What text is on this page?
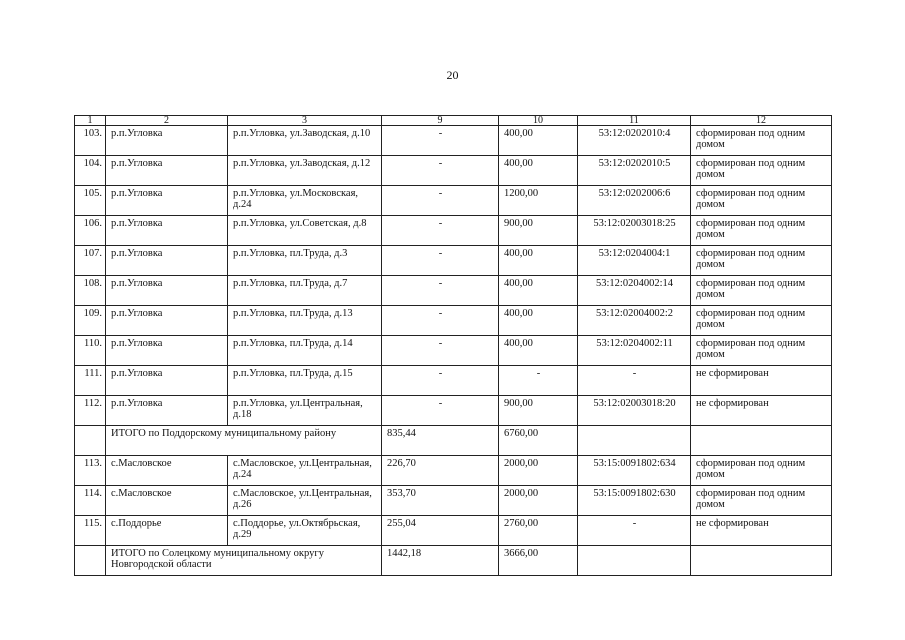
20
1	2	3	9	10	11	12
103.	р.п.Угловка	р.п.Угловка, ул.Заводская, д.10	-	400,00	53:12:0202010:4	сформирован под одним домом
104.	р.п.Угловка	р.п.Угловка, ул.Заводская, д.12	-	400,00	53:12:0202010:5	сформирован под одним домом
105.	р.п.Угловка	р.п.Угловка, ул.Московская, д.24	-	1200,00	53:12:0202006:6	сформирован под одним домом
106.	р.п.Угловка	р.п.Угловка, ул.Советская, д.8	-	900,00	53:12:02003018:25	сформирован под одним домом
107.	р.п.Угловка	р.п.Угловка, пл.Труда, д.3	-	400,00	53:12:0204004:1	сформирован под одним домом
108.	р.п.Угловка	р.п.Угловка, пл.Труда, д.7	-	400,00	53:12:0204002:14	сформирован под одним домом
109.	р.п.Угловка	р.п.Угловка, пл.Труда, д.13	-	400,00	53:12:02004002:2	сформирован под одним домом
110.	р.п.Угловка	р.п.Угловка, пл.Труда, д.14	-	400,00	53:12:0204002:11	сформирован под одним домом
111.	р.п.Угловка	р.п.Угловка, пл.Труда, д.15	-	-	-	не сформирован
112.	р.п.Угловка	р.п.Угловка, ул.Центральная, д.18	-	900,00	53:12:02003018:20	не сформирован
	ИТОГО по Поддорскому муниципальному району		835,44	6760,00		
113.	с.Масловское	с.Масловское, ул.Центральная, д.24	226,70	2000,00	53:15:0091802:634	сформирован под одним домом
114.	с.Масловское	с.Масловское, ул.Центральная, д.26	353,70	2000,00	53:15:0091802:630	сформирован под одним домом
115.	с.Поддорье	с.Поддорье, ул.Октябрьская, д.29	255,04	2760,00	-	не сформирован
	ИТОГО по Солецкому муниципальному округу Новгородской области		1442,18	3666,00		
